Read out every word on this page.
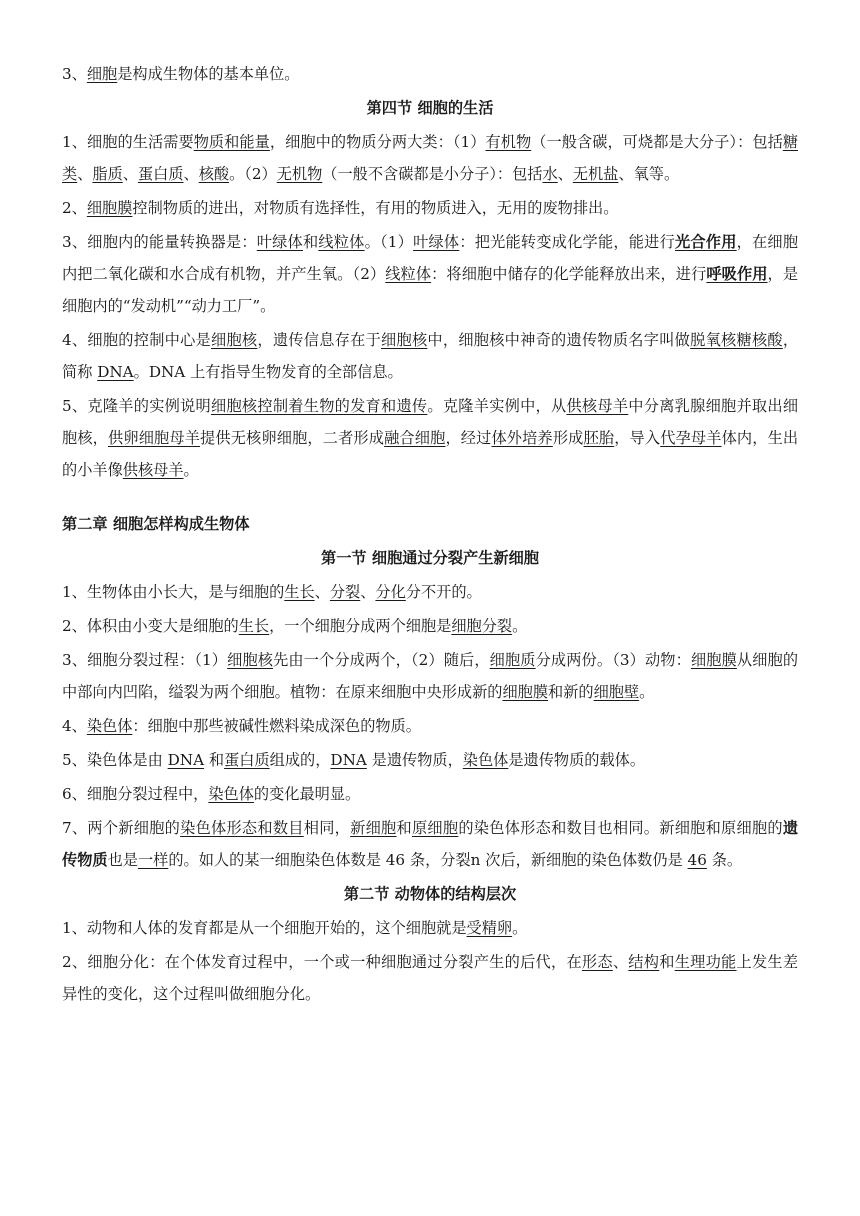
3、细胞是构成生物体的基本单位。
第四节 细胞的生活
1、细胞的生活需要物质和能量，细胞中的物质分两大类：（1）有机物（一般含碳，可烧都是大分子）：包括糖类、脂质、蛋白质、核酸。（2）无机物（一般不含碳都是小分子）：包括水、无机盐、氧等。
2、细胞膜控制物质的进出，对物质有选择性，有用的物质进入，无用的废物排出。
3、细胞内的能量转换器是：叶绿体和线粒体。（1）叶绿体：把光能转变成化学能，能进行光合作用，在细胞内把二氧化碳和水合成有机物，并产生氧。（2）线粒体：将细胞中储存的化学能释放出来，进行呼吸作用，是细胞内的“发动机”“动力工厂”。
4、细胞的控制中心是细胞核，遗传信息存在于细胞核中，细胞核中神奇的遗传物质名字叫做脱氧核糖核酸，简称 DNA。DNA 上有指导生物发育的全部信息。
5、克隆羊的实例说明细胞核控制着生物的发育和遗传。克隆羊实例中，从供核母羊中分离乳腺细胞并取出细胞核，供卵细胞母羊提供无核卵细胞，二者形成融合细胞，经过体外培养形成胚胎，导入代孕母羊体内，生出的小羊像供核母羊。
第二章 细胞怎样构成生物体
第一节 细胞通过分裂产生新细胞
1、生物体由小长大，是与细胞的生长、分裂、分化分不开的。
2、体积由小变大是细胞的生长，一个细胞分成两个细胞是细胞分裂。
3、细胞分裂过程：（1）细胞核先由一个分成两个，（2）随后，细胞质分成两份。（3）动物：细胞膜从细胞的中部向内凹陷，缢裂为两个细胞。植物：在原来细胞中央形成新的细胞膜和新的细胞壁。
4、染色体：细胞中那些被碱性燃料染成深色的物质。
5、染色体是由 DNA 和蛋白质组成的，DNA 是遗传物质，染色体是遗传物质的载体。
6、细胞分裂过程中，染色体的变化最明显。
7、两个新细胞的染色体形态和数目相同，新细胞和原细胞的染色体形态和数目也相同。新细胞和原细胞的遗传物质也是一样的。如人的某一细胞染色体数是 46 条，分裂n 次后，新细胞的染色体数仍是 46 条。
第二节 动物体的结构层次
1、动物和人体的发育都是从一个细胞开始的，这个细胞就是受精卵。
2、细胞分化：在个体发育过程中，一个或一种细胞通过分裂产生的后代，在形态、结构和生理功能上发生差异性的变化，这个过程叫做细胞分化。
